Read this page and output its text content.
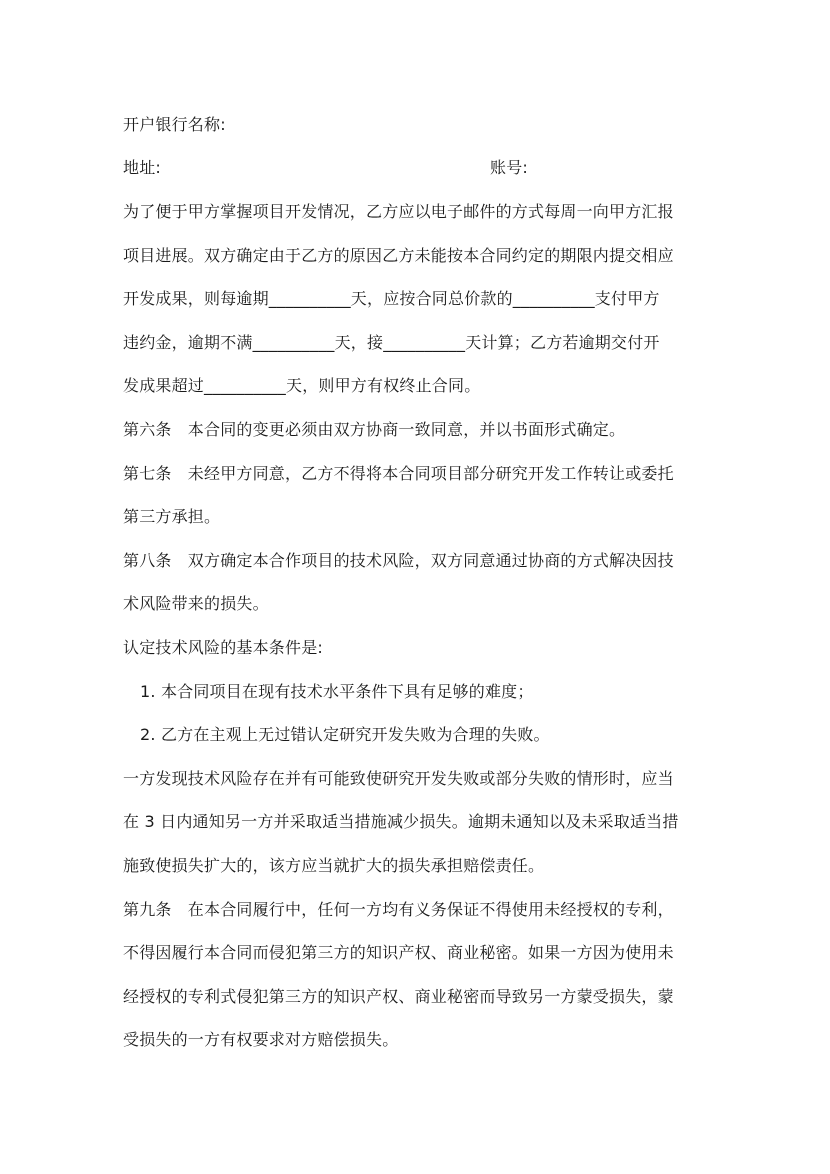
开户银行名称:
地址:	账号:
为了便于甲方掌握项目开发情况，乙方应以电子邮件的方式每周一向甲方汇报
项目进展。双方确定由于乙方的原因乙方未能按本合同约定的期限内提交相应
开发成果，则每逾期__________天，应按合同总价款的__________支付甲方
违约金，逾期不满__________天，接__________天计算；乙方若逾期交付开
发成果超过__________天，则甲方有权终止合同。
第六条　本合同的变更必须由双方协商一致同意，并以书面形式确定。
第七条　未经甲方同意，乙方不得将本合同项目部分研究开发工作转让或委托
第三方承担。
第八条　双方确定本合作项目的技术风险，双方同意通过协商的方式解决因技
术风险带来的损失。
认定技术风险的基本条件是:
1. 本合同项目在现有技术水平条件下具有足够的难度；
2. 乙方在主观上无过错认定研究开发失败为合理的失败。
一方发现技术风险存在并有可能致使研究开发失败或部分失败的情形时，应当
在 3 日内通知另一方并采取适当措施减少损失。逾期未通知以及未采取适当措
施致使损失扩大的，该方应当就扩大的损失承担赔偿责任。
第九条　在本合同履行中，任何一方均有义务保证不得使用未经授权的专利，
不得因履行本合同而侵犯第三方的知识产权、商业秘密。如果一方因为使用未
经授权的专利式侵犯第三方的知识产权、商业秘密而导致另一方蒙受损失，蒙
受损失的一方有权要求对方赔偿损失。
